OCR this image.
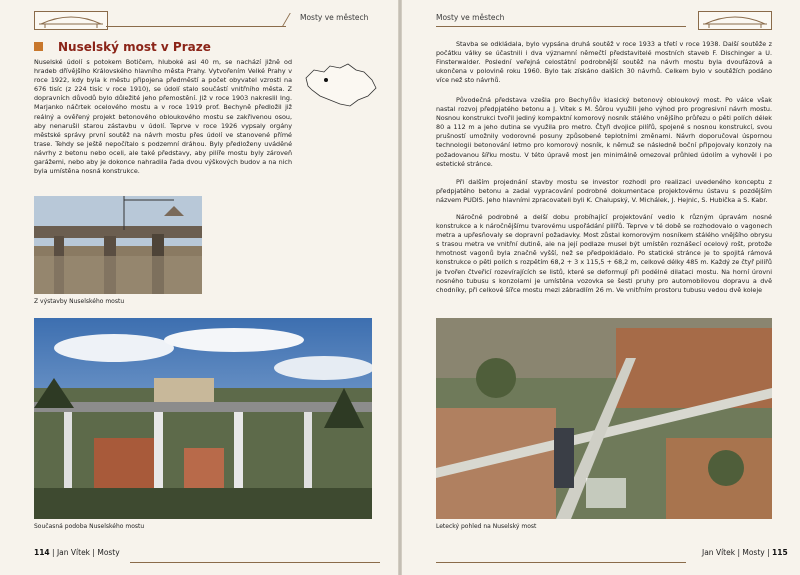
Mosty ve městech
Nuselský most v Praze

Nuselské údolí s potokem Botičem, hluboké asi 40 m, se nachází jižně od hradeb dřívějšího Královského hlavního města Prahy. Vytvořením Velké Prahy v roce 1922, kdy byla k městu připojena předměstí a počet obyvatel vzrostl na 676 tisíc (z 224 tisíc v roce 1910), se údolí stalo součástí vnitřního města. Z dopravních důvodů bylo důležité jeho přemostění. Již v roce 1903 nakreslil Ing. Marjanko náčrtek ocelového mostu a v roce 1919 prof. Bechyně předložil již reálný a ověřený projekt betonového obloukového mostu se zakřivenou osou, aby nenarušil starou zástavbu v údolí. Teprve v roce 1926 vypsaly orgány městské správy první soutěž na návrh mostu přes údolí ve stanovené přímé trase. Tehdy se ještě nepočítalo s podzemní dráhou. Byly předloženy uváděné návrhy z betonu nebo oceli, ale také představy, aby pilíře mostu byly zároveň garážemi, nebo aby je dokonce nahradila řada dvou výškových budov a na nich byla umístěna nosná konstrukce.

Z výstavby Nuselského mostu
Současná podoba Nuselského mostu
114 | Jan Vítek | Mosty
Mosty ve městech

Stavba se odkládala, bylo vypsána druhá soutěž v roce 1933 a třetí v roce 1938. Další soutěže z počátku války se účastnili i dva významní němečtí představitelé mostních staveb F. Dischinger a U. Finsterwalder. Poslední veřejná celostátní podrobnější soutěž na návrh mostu byla dvoufázová a ukončena v polovině roku 1960. Bylo tak získáno dalších 30 návrhů. Celkem bylo v soutěžích podáno více než sto návrhů.

Původečná představa vzešla pro Bechyňův klasický betonový obloukový most. Po válce však nastal rozvoj předpjatého betonu a J. Vítek s M. Šůrou využili jeho výhod pro progresivní návrh mostu. Nosnou konstrukci tvořil jediný kompaktní komorový nosník stálého vnějšího průřezu o pěti polích délek 80 a 112 m a jeho dutina se využila pro metro. Čtyři dvojice pilířů, spojené s nosnou konstrukcí, svou prušností umožnily vodorovné posuny způsobené teplotními změnami. Návrh doporučoval úspornou technologii betonování letmo pro komorový nosník, k němuž se následně boční připojovaly konzoly na požadovanou šířku mostu. V této úpravě most jen minimálně omezoval průhled údolím a vyhověl i po estetické stránce.

Při dalším projednání stavby mostu se investor rozhodl pro realizaci uvedeného konceptu z předpjatého betonu a zadal vypracování podrobné dokumentace projektovému ústavu s pozdějším názvem PUDIS. Jeho hlavními zpracovateli byli K. Chalupský, V. Michálek, J. Hejnic, S. Hubička a S. Kabr.

Náročné podrobné a delší dobu probíhající projektování vedlo k různým úpravám nosné konstrukce a k náročnějšímu tvarovému uspořádání pilířů. Teprve v té době se rozhodovalo o vagonech metra a upřesňovaly se dopravní požadavky. Most zůstal komorovým nosníkem stálého vnějšího obrysu s trasou metra ve vnitřní dutině, ale na její podlaze musel být umístěn roznášecí ocelový rošt, protože hmotnost vagonů byla značně vyšší, než se předpokládalo. Po statické stránce je to spojitá rámová konstrukce o pěti polích s rozpětím 68,2 + 3 x 115,5 + 68,2 m, celkové délky 485 m. Každý ze čtyř pilířů je tvořen čtveřicí rozevírajících se listů, které se deformují při podélné dilataci mostu. Na horní úrovni nosného tubusu s konzolami je umístěna vozovka se šesti pruhy pro automobilovou dopravu a dvě chodníky, při celkové šířce mostu mezi zábradlím 26 m. Ve vnitřním prostoru tubusu vedou dvě koleje

Letecký pohled na Nuselský most
Jan Vítek | Mosty | 115
